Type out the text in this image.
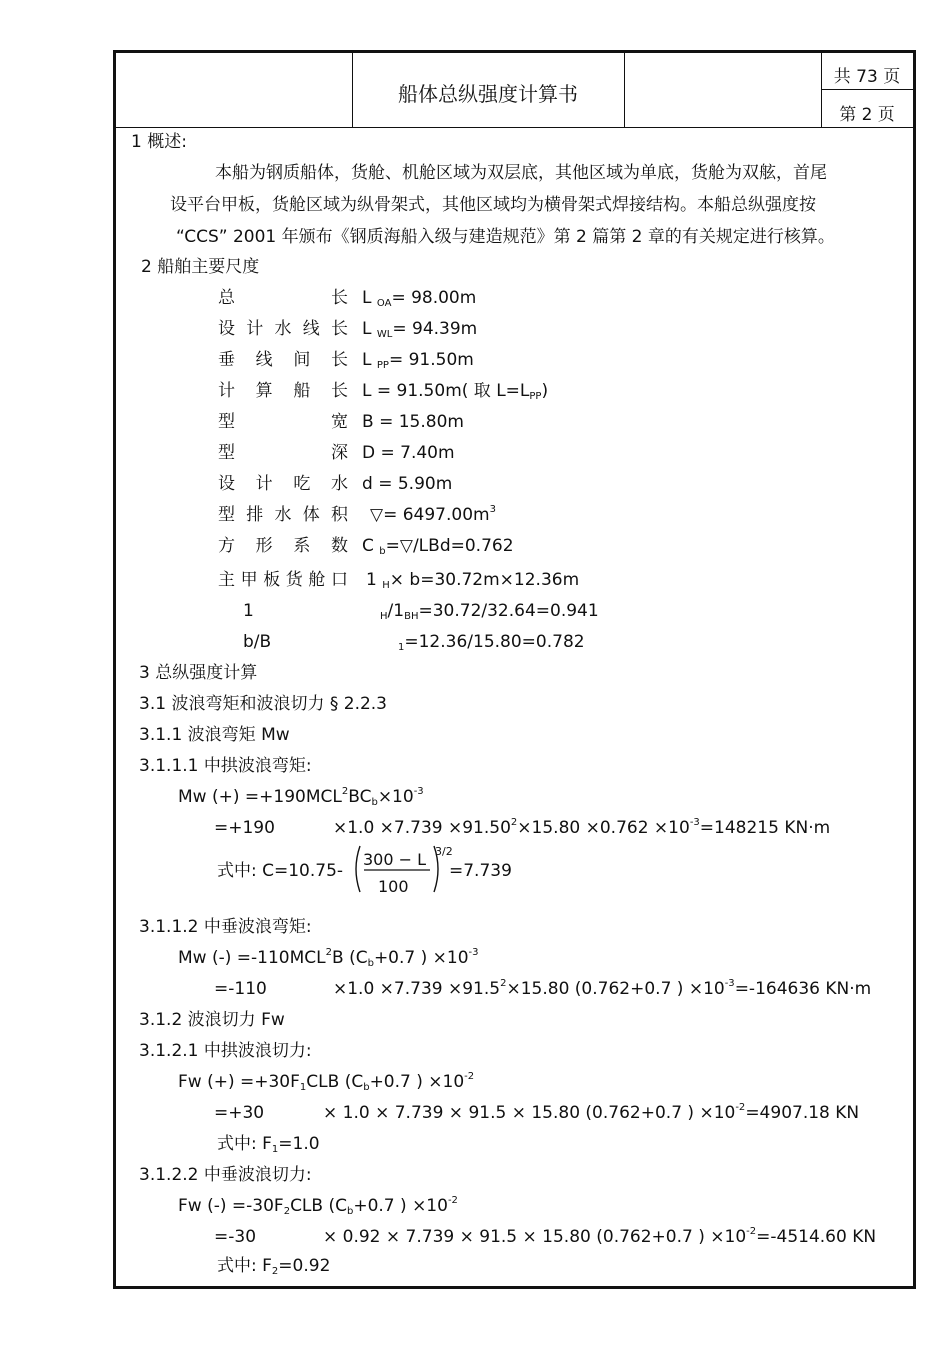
船体总纵强度计算书
共 73 页
第 2 页
1 概述:
本船为钢质船体，货舱、机舱区域为双层底，其他区域为单底，货舱为双舷，首尾
设平台甲板，货舱区域为纵骨架式，其他区域均为横骨架式焊接结构。本船总纵强度按
“CCS” 2001 年颁布《钢质海船入级与建造规范》第 2 篇第 2 章的有关规定进行核算。
2 船舶主要尺度
总 长 L OA= 98.00m
设 计 水 线 长 L WL= 94.39m
垂 线 间 长 L PP= 91.50m
计 算 船 长 L = 91.50m( 取 L=LPP)
型 宽 B = 15.80m
型 深 D = 7.40m
设 计 吃 水 d = 5.90m
型 排 水 体 积 ▽= $6497.00m^3$
方 形 系 数 C b=▽/LBd=0.762
主 甲 板 货 舱 口 1 H× b=30.72m×12.36m
1	H/1BH=30.72/32.64=0.941
b/B	1=12.36/15.80=0.782
3 总纵强度计算
3.1 波浪弯矩和波浪切力 § 2.2.3
3.1.1 波浪弯矩 Mw
3.1.1.1 中拱波浪弯矩:
Mw (+) $=+190MCL^2BCb\times 10^{-3}$
=+190	$\times 1.0 \times 7.739 \times 91.50^2\times 15.80 \times 0.762 \times 10^{-3}=148215$ KN·m
式中: C=10.75-
300 − L
100
3/2
=7.739
3.1.1.2 中垂波浪弯矩:
Mw (-) $=-110MCL^2B$ (Cb+0.7 ) $\times 10^{-3}$
=-110	$\times 1.0 \times 7.739 \times 91.5^2\times 15.80$ (0.762+0.7 ) $\times 10^{-3}=-164636$ KN·m
3.1.2 波浪切力 Fw
3.1.2.1 中拱波浪切力:
Fw (+) =+30F1CLB (Cb+0.7 ) $\times 10^{-2}$
=+30	× 1.0 × 7.739 × 91.5 × 15.80 (0.762+0.7 ) $\times 10^{-2}=4907.18$ KN
式中: F1=1.0
3.1.2.2 中垂波浪切力:
Fw (-) =-30F2CLB (Cb+0.7 ) $\times 10^{-2}$
=-30	× 0.92 × 7.739 × 91.5 × 15.80 (0.762+0.7 ) $\times 10^{-2}=-4514.60$ KN
式中: F2=0.92
